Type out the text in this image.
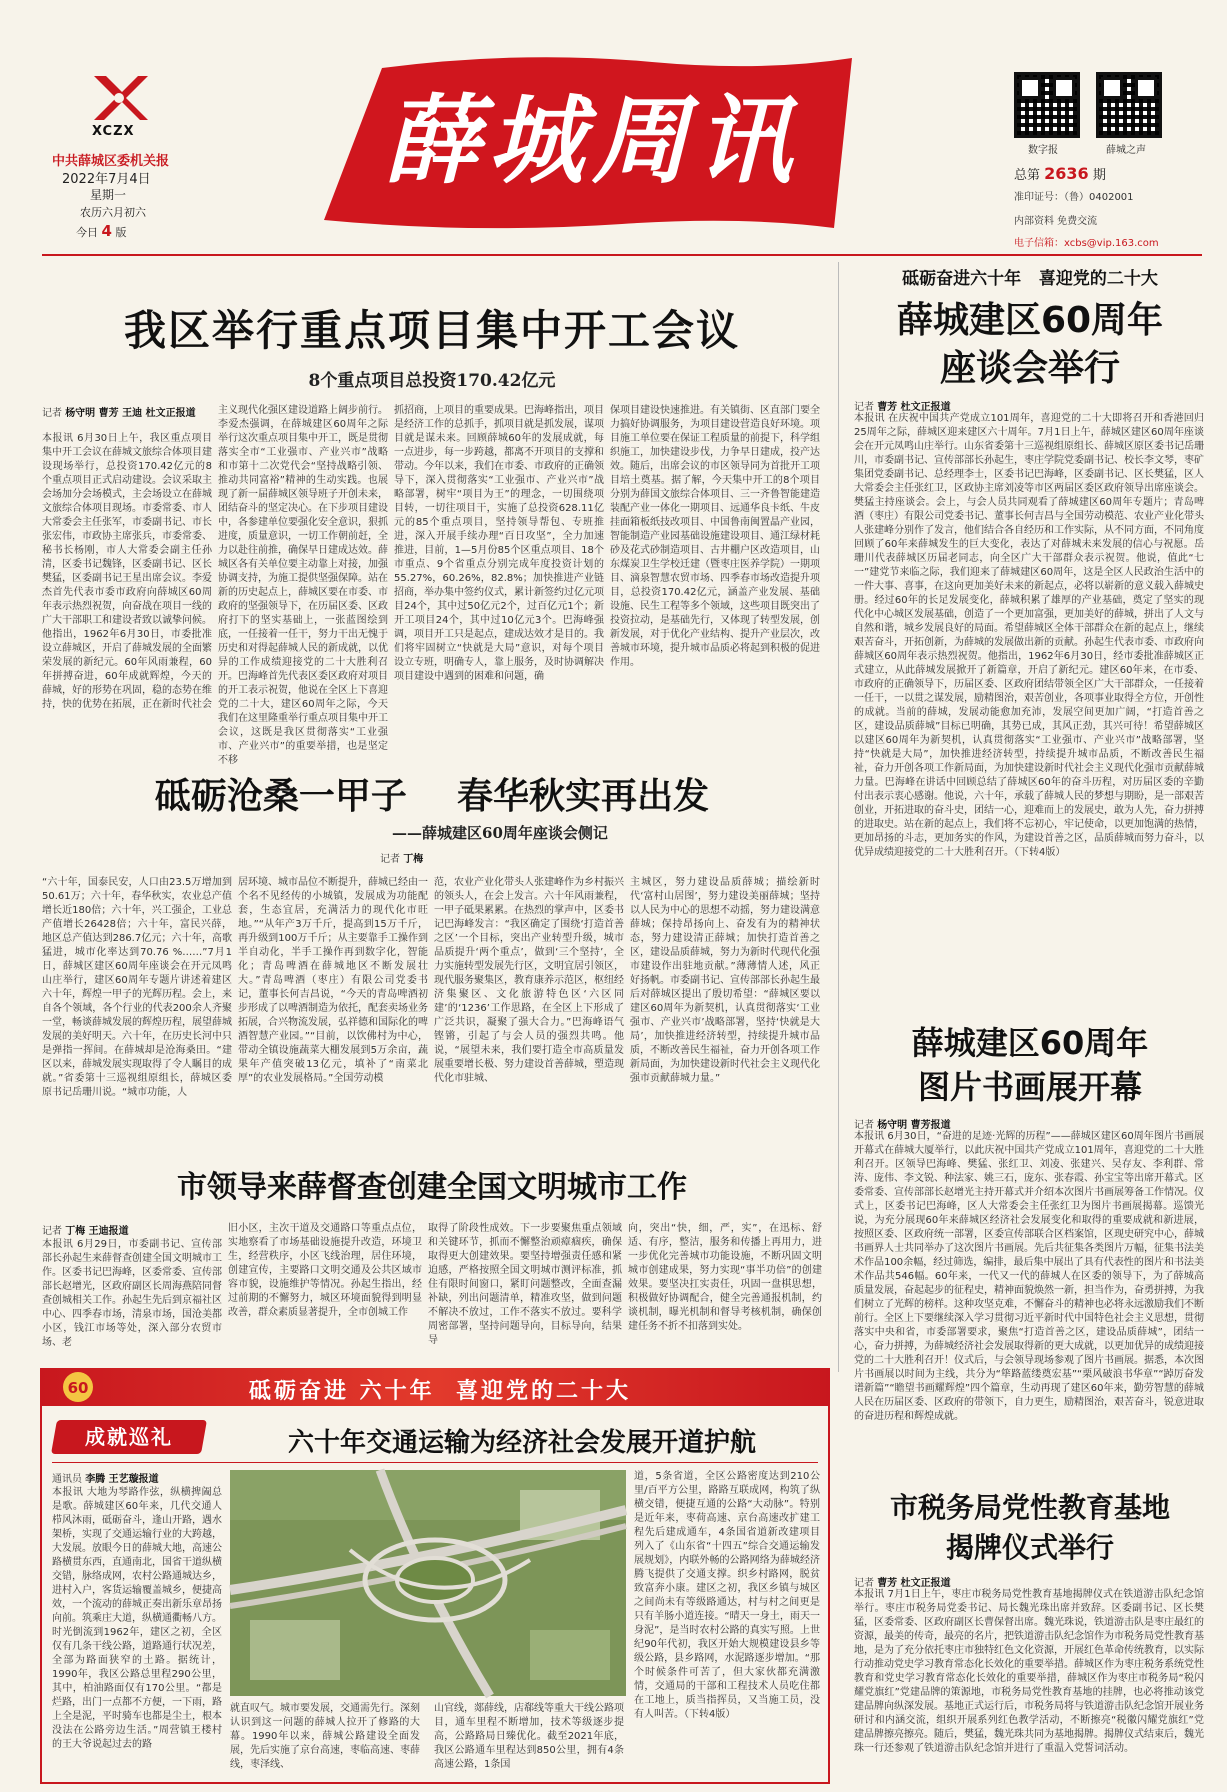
XCZX
中共薛城区委机关报
2022年7月4日
星期一
农历六月初六
今日 4 版
薛城周讯	数字报	薛城之声
总第 2636 期
准印证号：（鲁）0402001
内部资料 免费交流
电子信箱：xcbs@vip.163.com
我区举行重点项目集中开工会议
8个重点项目总投资170.42亿元
记者 杨守明 曹芳 王迪 杜文正报道
本报讯 6月30日上午，我区重点项目集中开工会议在薛城文旅综合体项目建设现场举行，总投资170.42亿元的8个重点项目正式启动建设。会议采取主会场加分会场模式，主会场设立在薛城文旅综合体项目现场。市委常委、市人大常委会主任张军，市委副书记、市长张宏伟，市政协主席张兵，市委常委、秘书长杨刚，市人大常委会副主任孙清，区委书记魏锋，区委副书记、区长樊猛，区委副书记王星出席会议。李爱杰首先代表市委市政府向薛城区60周年表示热烈祝贺，向奋战在项目一线的广大干部职工和建设者致以诚挚问候。他指出，1962年6月30日，市委批准设立薛城区，开启了薛城发展的全面繁荣发展的新纪元。60年风雨兼程，60年拼搏奋进，60年成就辉煌，今天的薛城，好的形势在巩固，稳的态势在维持，快的优势在拓展，正在新时代社会
主义现代化强区建设道路上阔步前行。李爱杰强调，在薛城建区60周年之际举行这次重点项目集中开工，既是贯彻落实全市“工业强市、产业兴市”战略和市第十二次党代会“坚持战略引领、推动共同富裕”精神的生动实践。也展现了新一届薛城区领导班子开创未来，团结奋斗的坚定决心。在下步项目建设中，各参建单位要强化安全意识，狠抓进度，质量意识，一切工作朝前赶，全力以赴往前推，确保早日建成达效。薛城区各有关单位要主动靠上对接，加强协调支持，为施工提供坚强保障。站在新的历史起点上，薛城区要在市委、市政府的坚强领导下，在历届区委、区政府打下的坚实基础上，一张蓝图绘到底，一任接着一任干，努力干出无愧于历史和对得起薛城人民的新成就，以优异的工作成绩迎接党的二十大胜利召开。巴海峰首先代表区委区政府对项目的开工表示祝贺，他说在全区上下喜迎党的二十大，建区60周年之际，今天我们在这里隆重举行重点项目集中开工会议，这既是我区贯彻落实“工业强市、产业兴市”的重要举措，也是坚定不移
抓招商，上项目的重要成果。巴海峰指出，项目是经济工作的总抓手，抓项目就是抓发展，谋项目就是谋未来。回顾薛城60年的发展成就，每一点进步，每一步跨越，都离不开项目的支撑和带动。今年以来，我们在市委、市政府的正确领导下，深入贯彻落实“工业强市、产业兴市”战略部署，树牢“项目为王”的理念，一切围绕项目转，一切往项目干，实施了总投资628.11亿元的85个重点项目，坚持领导帮包、专班推进，深入开展手续办理“百日攻坚”，全力加速推进，目前，1—5月份85个区重点项目、18个市重点、9个省重点分别完成年度投资计划的55.27%，60.26%，82.8%；加快推进产业链招商，举办集中签约仪式，累计新签约过亿元项目24个，其中过50亿元2个，过百亿元1个；新开工项目24个，其中过10亿元3个。巴海峰强调，项目开工只是起点，建成达效才是目的。我们将牢固树立“快就是大局”意识，对每个项目设立专班，明确专人，靠上服务，及时协调解决项目建设中遇到的困难和问题，确
保项目建设快速推进。有关镇街、区直部门要全力搞好协调服务，为项目建设营造良好环境。项目施工单位要在保证工程质量的前提下，科学组织施工，加快建设步伐，力争早日建成，投产达效。随后，出席会议的市区领导同为首批开工项目培土奠基。据了解，今天集中开工的8个项目分别为薛国文旅综合体项目、三一齐鲁智能建造装配产业一体化一期项目、远通华良卡纸、牛皮挂面箱板纸技改项目、中国鲁南闽置晶产业园，智能制造产业园基础设施建设项目、通江绿材耗砂及花式砂制造项目、古井棚户区改造项目，山东煤炭卫生学校迁建（暨枣庄医养学院）一期项目、滴泉智慧农贸市场、四季春市场改造提升项目，总投资170.42亿元，涵盖产业发展、基础设施、民生工程等多个领域，这些项目既突出了投资拉动，是基础先行，又体现了转型发展，创新发展，对于优化产业结构、提升产业层次，改善城市环境，提升城市品质必将起到积极的促进作用。
砥砺沧桑一甲子    春华秋实再出发
——薛城建区60周年座谈会侧记
记者 丁梅
“六十年，国泰民安，人口由23.5万增加到50.61万；六十年，春华秋实，农业总产值增长近180倍；六十年，兴工强企，工业总产值增长26428倍；六十年，富民兴薛，地区总产值达到286.7亿元；六十年，高歌猛进，城市化率达到70.76 %……”7月1日，薛城区建区60周年座谈会在开元凤鸣山庄举行，建区60周年专题片讲述着建区六十年，辉煌一甲子的光辉历程。会上，来自各个领域，各个行业的代表200余人齐聚一堂，畅谈薛城发展的辉煌历程，展望薛城发展的美好明天。六十年，在历史长河中只是弹指一挥间。在薛城却是沧海桑田。“建区以来，薛城发展实现取得了令人瞩目的成就。”省委第十三巡视组原组长，薛城区委原书记岳珊川说。“城市功能，人
居环境、城市品位不断提升，薛城已经由一个名不见经传的小城镇，发展成为功能配套，生态宜居，充满活力的现代化市旺地。”“从年产3万千斤，提高到15万千斤，再升级到100万千斤；从主要靠手工操作到半自动化，半手工操作再到数字化，智能化；青岛啤酒在薛城地区不断发展壮大。”青岛啤酒（枣庄）有限公司党委书记，董事长何吉昌说，“今天的青岛啤酒初步形成了以啤酒制造为依托，配套卖场业务拓展，合兴物流发展，弘祥德和国际化的啤酒智慧产业园。”“目前，以饮佛村为中心，带动全镇设施蔬菜大棚发展到5万余亩，蔬果年产值突破13亿元，填补了“南菜北厚”的农业发展格局。”全国劳动模
范，农业产业化带头人张建峰作为乡村振兴的领头人，在会上发言。六十年风雨兼程，一甲子砥果累累。在热烈的掌声中，区委书记巴海峰发言：“我区确定了围绕‘打造首善之区’一个目标，突出产业转型升级，城市品质提升‘两个重点’，做到‘三个坚持’，全力实施转型发展先行区，文明宜居引领区，现代服务聚集区，教育康养示范区，枢纽经济集聚区、文化旅游特色区‘六区同建’的‘1236’工作思路，在全区上下形成了广泛共识，凝聚了强大合力。”巴海峰语气铿锵，引起了与会人员的强烈共鸣。他说，“展望未来，我们要打造全市高质量发展重要增长极、努力建设首善薛城，塑造现代化市驻城、
主城区，努力建设品质薛城；描绘新时代‘富村山居图’，努力建设美丽薛城；坚持以人民为中心的思想不动摇，努力建设满意薛城；保持昂扬向上、奋发有为的精神状态，努力建设清正薛城；加快打造首善之区，建设品质薛城，努力为新时代现代化强市建设作出驻地贡献。”薄薄情人述，风正好扬帆。市委副书记、宣传部部长孙起生最后对薛城区提出了殷切希望：“薛城区要以建区60周年为新契机，认真贯彻落实‘工业强市、产业兴市’战略部署，坚持‘快就是大局’，加快推进经济转型，持续提升城市品质，不断改善民生福祉，奋力开创各项工作新局面，为加快建设新时代社会主义现代化强市贡献薛城力量。”
市领导来薛督查创建全国文明城市工作
记者 丁梅 王迪报道
本报讯 6月29日，市委副书记、宣传部部长孙起生来薛督查创建全国文明城市工作。区委书记巴海峰，区委常委、宣传部部长赵增光，区政府副区长周海燕陪同督查创城相关工作。孙起生先后到京福社区中心、四季春市场，清泉市场，国沧美都小区，钱江市场等处，深入部分农贸市场、老
旧小区，主次干道及交通路口等重点点位，实地察看了市场基础设施提升改造，环境卫生，经营秩序，小区飞线治理，居住环境，创建宣传，主要路口文明交通及公共区域市容市貌，设施维护等情况。孙起生指出，经过前期的不懈努力，城区环境面貌得到明显改善，群众素质显著提升，全市创城工作
取得了阶段性成效。下一步要聚焦重点领域和关键环节，抓而不懈整治顽瘴痼疾，确保取得更大创建效果。要坚持增强责任感和紧迫感，严格按照全国文明城市测评标准，抓住有限时间窗口，紧盯问题整改，全面查漏补缺，列出问题清单，精准攻坚，做到问题不解决不放过，工作不落实不放过。要科学周密部署，坚持问题导向，目标导向，结果导
向，突出“快，细，严，实”，在迅标、舒适、有序，整洁，服务和传播上再用力，进一步优化完善城市功能设施，不断巩固文明城市创建成果，努力实现“事半功倍”的创建效果。要坚决扛实责任，巩固一盘棋思想，积极做好协调配合，健全完善通报机制，约谈机制，曝光机制和督导考核机制，确保创建任务不折不扣落到实处。
60	砥砺奋进 六十年  喜迎党的二十大
成就巡礼	六十年交通运输为经济社会发展开道护航
通讯员 李腾 王艺璇报道
本报讯 大地为琴路作弦，纵横捭阖总是歌。薛城建区60年来，几代交通人栉风沐雨，砥砺奋斗，逢山开路，遇水架桥，实现了交通运输行业的大跨越，大发展。放眼今日的薛城大地，高速公路横贯东西，直通南北，国省干道纵横交错，脉络成网，农村公路通城达乡，进村入户，客货运输覆盖城乡，便捷高效，一个流动的薛城正奏出新乐章昂扬向前。筑乘庄大道，纵横通衢畅八方。时光倒流到1962年，建区之初，全区仅有几条干线公路，道路通行状况差，全部为路面狭窄的土路。据统计，1990年，我区公路总里程290公里，其中，柏油路面仅有170公里。“都是烂路，出门一点都不方便，一下雨，路上全是泥，平时骑车也都是尘土，根本没法在公路旁边生活。”周营镇王楼村的王大爷说起过去的路
就直叹气。城市要发展，交通需先行。深刻认识到这一问题的薛城人拉开了修路的大幕。1990年以来，薛城公路建设全面发展，先后实施了京台高速，枣临高速、枣薛线，枣泽线、
山官线，郯薛线，店郗线等重大干线公路项目，通车里程不断增加，技术等级逐步提高，公路路局日臻优化。截至2021年底，我区公路通车里程达到850公里，拥有4条高速公路，1条国
道，5条省道，全区公路密度达到210公里/百平方公里，路路互联成网，构筑了纵横交错，便捷互通的公路“大动脉”。特别是近年来，枣荷高速、京台高速改扩建工程先后建成通车，4条国省道新改建项目列入了《山东省“十四五”综合交通运输发展规划》，内联外畅的公路网络为薛城经济腾飞提供了交通支撑。织乡村路网，脱贫致富奔小康。建区之初，我区乡镇与城区之间尚未有等级路通达，村与村之间更是只有羊肠小道连接。“晴天一身土，雨天一身泥”，是当时农村公路的真实写照。上世纪90年代初，我区开始大规模建设县乡等级公路，县乡路网，水泥路逐步增加。“那个时候条件可苦了，但大家伙都充满激情，交通局的干部和工程技术人员吃住都在工地上，质当指挥员，又当施工员，没有人叫苦。（下转4版）
砥砺奋进六十年   喜迎党的二十大
薛城建区60周年
座谈会举行
记者 曹芳 杜文正报道
本报讯 在庆祝中国共产党成立101周年，喜迎党的二十大即将召开和香港回归25周年之际，薛城区迎来建区六十周年。7月1日上午，薛城区建区60周年座谈会在开元凤鸣山庄举行。山东省委第十三巡视组原组长、薛城区原区委书记岳珊川，市委副书记、宣传部部长孙起生，枣庄学院党委副书记、校长李文琴，枣矿集团党委副书记、总经理李士，区委书记巴海峰，区委副书记、区长樊猛，区人大常委会主任张红卫，区政协主席刘凌等市区两届区委区政府领导出席座谈会。樊猛主持座谈会。会上，与会人员共同观看了薛城建区60周年专题片；青岛啤酒（枣庄）有限公司党委书记、董事长何吉昌与全国劳动模范、农业产业化带头人张建峰分别作了发言，他们结合各自经历和工作实际，从不同方面，不同角度回顾了60年来薛城发生的巨大变化，表达了对薛城未来发展的信心与祝愿。岳珊川代表薛城区历届老同志，向全区广大干部群众表示祝贺。他说，值此“七一”建党节来临之际，我们迎来了薛城建区60周年，这是全区人民政治生活中的一件大事、喜事，在这向更加美好未来的新起点，必将以崭新的意义载入薛城史册。经过60年的长足发展变化，薛城积累了雄厚的产业基础，奠定了坚实的现代化中心城区发展基础，创造了一个更加富强，更加美好的薛城，拼出了人文与自然和谐，城乡发展良好的局面。希望薛城区全体干部群众在新的起点上，继续艰苦奋斗，开拓创新，为薛城的发展做出新的贡献。孙起生代表市委、市政府向薛城区60周年表示热烈祝贺。他指出，1962年6月30日，经市委批准薛城区正式建立，从此薛城发展掀开了新篇章，开启了新纪元。建区60年来，在市委、市政府的正确领导下，历届区委、区政府团结带领全区广大干部群众，一任接着一任干，一以贯之谋发展，励精图治，艰苦创业，各项事业取得全方位，开创性的成就。当前的薛城，发展动能愈加充沛，发展空间更加广阔，“打造首善之区，建设品质薛城”目标已明确，其势已成，其风正劲，其兴可待！希望薛城区以建区60周年为新契机，认真贯彻落实“工业强市、产业兴市”战略部署，坚持“快就是大局”，加快推进经济转型，持续提升城市品质，不断改善民生福祉，奋力开创各项工作新局面，为加快建设新时代社会主义现代化强市贡献薛城力量。巴海峰在讲话中回顾总结了薛城区60年的奋斗历程，对历届区委的辛勤付出表示衷心感谢。他说，六十年，承载了薛城人民的梦想与期盼，是一部艰苦创业，开拓进取的奋斗史，团结一心，迎难而上的发展史，敢为人先，奋力拼搏的进取史。站在新的起点上，我们将不忘初心，牢记使命，以更加饱满的热情，更加昂扬的斗志，更加务实的作风，为建设首善之区，品质薛城而努力奋斗，以优异成绩迎接党的二十大胜利召开。（下转4版）
薛城建区60周年
图片书画展开幕
记者 杨守明 曹芳报道
本报讯 6月30日，“奋进的足迹·光辉的历程”——薛城区建区60周年图片书画展开幕式在薛城大厦举行，以此庆祝中国共产党成立101周年，喜迎党的二十大胜利召开。区领导巴海峰、樊猛、张红卫、刘凌、张建兴、吴存友、李利群、常涛、庞伟、李文锐、种法家、姚三石，庞东、张春霞、孙宝宝等出席开幕式。区委常委、宣传部部长赵增光主持开幕式并介绍本次图片书画展筹备工作情况。仪式上，区委书记巴海峰，区人大常委会主任张红卫为图片书画展揭幕。巡馈光说，为充分展现60年来薛城区经济社会发展变化和取得的重要成就和新进展，按照区委、区政府统一部署，区委宣传部联合区档案馆，区现史研究中心，薛城书画界人士共同举办了这次图片书画展。先后共征集各类图片万幅，征集书法美术作品100余幅，经过筛选，编排，最后集中展出了具有代表性的图片和书法美术作品共546幅。60年来，一代又一代的薛城人在区委的领导下，为了薛城高质量发展，奋起起步的征程史，精神面貌焕然一新，担当作为，奋勇拼搏，为我们树立了光辉的榜样。这种攻坚克难，不懈奋斗的精神也必将永远激励我们不断前行。全区上下要继续深入学习贯彻习近平新时代中国特色社会主义思想，贯彻落实中央和省，市委部署要求，聚焦“打造首善之区，建设品质薛城”，团结一心，奋力拼搏，为薛城经济社会发展取得新的更大成就，以更加优异的成绩迎接党的二十大胜利召开！仪式后，与会领导现场参观了图片书画展。据悉，本次图片书画展以时间为主线，共分为“筚路蓝缕奠宏基”“栗风破浪书华章”“踔厉奋发谱新篇”“瞻望书画耀辉煌”四个篇章，生动再现了建区60年来，勤劳智慧的薛城人民在历届区委、区政府的带领下，自力更生，励精图治，艰苦奋斗，锐意进取的奋进历程和辉煌成就。
市税务局党性教育基地
揭牌仪式举行
记者 曹芳 杜文正报道
本报讯 7月1日上午，枣庄市税务局党性教育基地揭牌仪式在铁道游击队纪念馆举行。枣庄市税务局党委书记、局长魏光珠出席并致辞。区委副书记、区长樊猛，区委常委、区政府副区长曹保督出席。魏光珠说，铁道游击队是枣庄最红的资源，最美的传奇，最亮的名片，把铁道游击队纪念馆作为市税务局党性教育基地，是为了充分依托枣庄市独特红色文化资源，开展红色革命传统教育，以实际行动推动党史学习教育常态化长效化的重要举措。薛城区作为枣庄税务系统党性教育和党史学习教育常态化长效化的重要举措，薛城区作为枣庄市税务局“税闪耀党旗红”党建品牌的策源地，市税务局党性教育基地的挂牌，也必将推动该党建品牌向纵深发展。基地正式运行后，市税务局将与铁道游击队纪念馆开展业务研讨和内涵交流，组织开展系列红色教学活动，不断擦亮“税徽闪耀党旗红”党建品牌擦亮擦亮。随后，樊猛，魏光珠共同为基地揭牌。揭牌仪式结束后，魏光珠一行还参观了铁道游击队纪念馆并进行了重温入党誓词活动。
